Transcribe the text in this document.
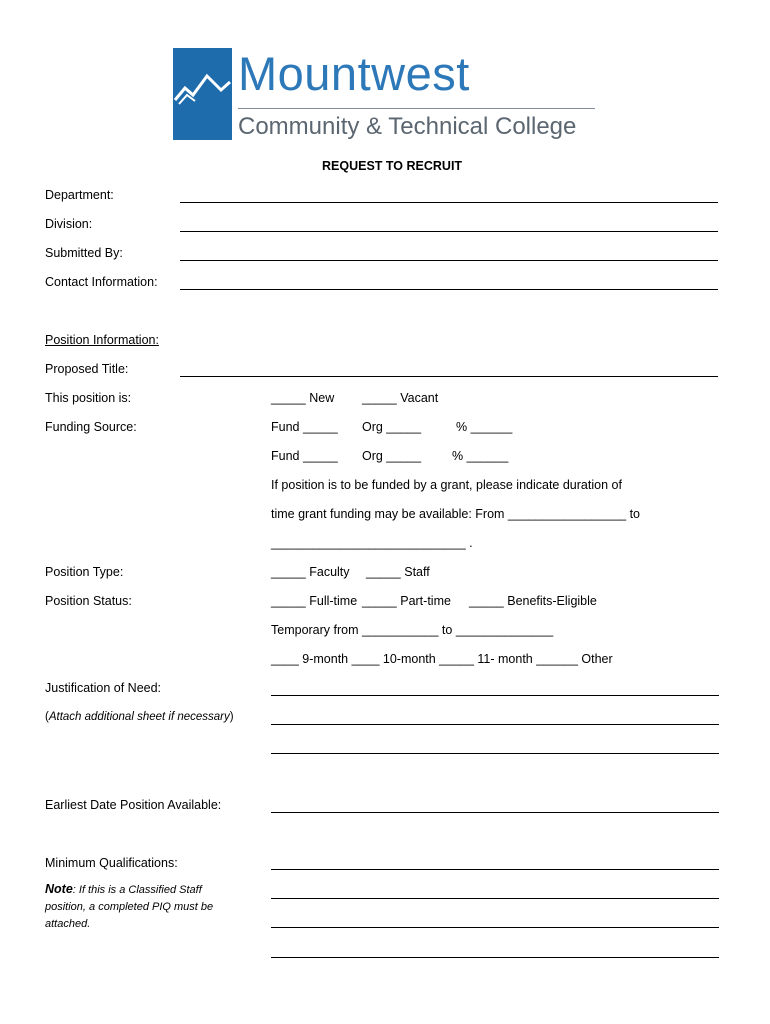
Mountwest
Community & Technical College
REQUEST TO RECRUIT
Department:
Division:
Submitted By:
Contact Information:
Position Information:
Proposed Title:
This position is:	_____ New _____ Vacant
Funding Source:	Fund _____ Org _____	% ______
Fund _____ Org _____ % ______
If position is to be funded by a grant, please indicate duration of
time grant funding may be available: From _________________ to
____________________________ .
Position Type:	_____ Faculty _____ Staff
Position Status:	_____ Full-time _____ Part-time _____ Benefits-Eligible
Temporary from ___________ to ______________
____ 9-month ____ 10-month _____ 11- month ______ Other
Justification of Need:
(Attach additional sheet if necessary)
Earliest Date Position Available:
Minimum Qualifications:
Note: If this is a Classified Staff
position, a completed PIQ must be
attached.
